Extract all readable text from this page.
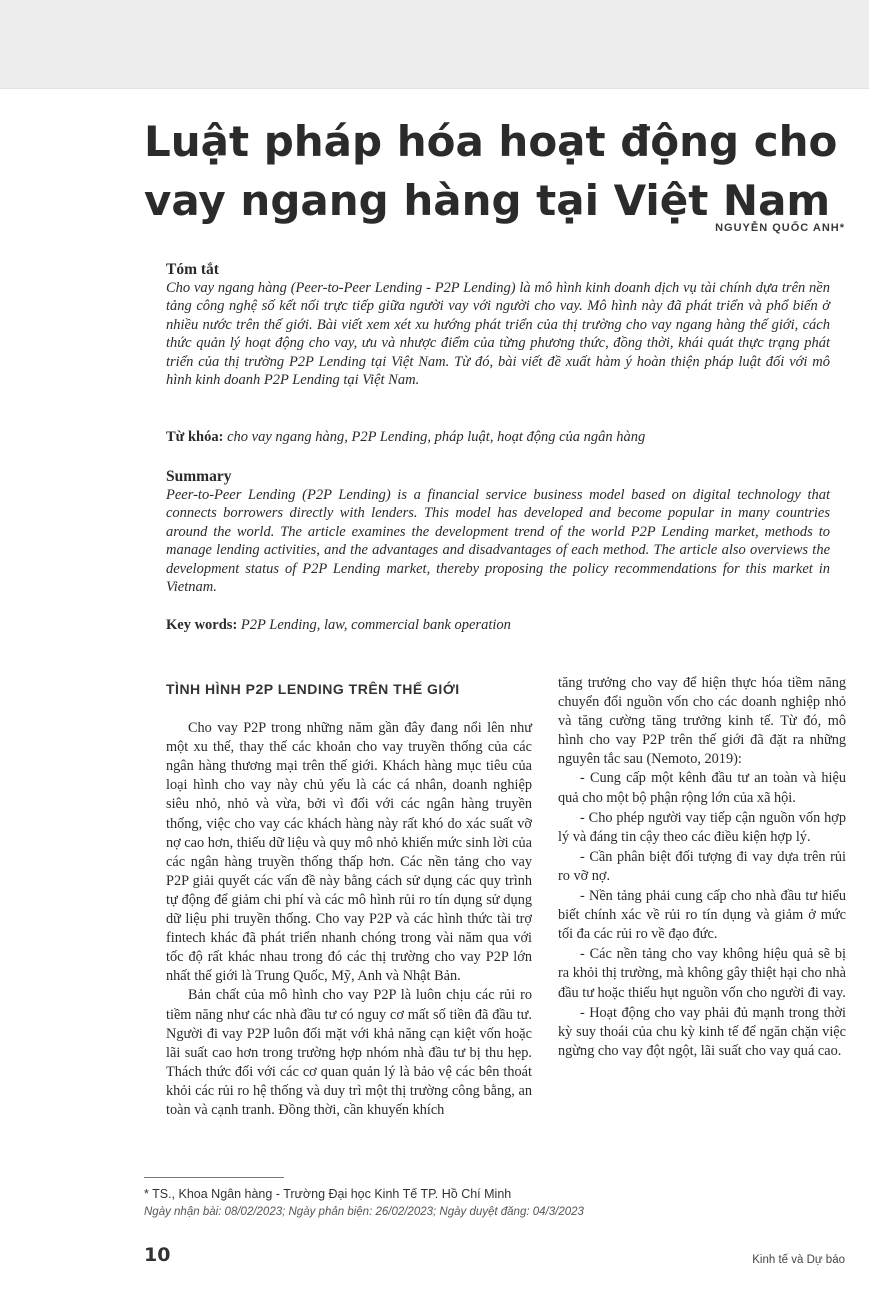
Luật pháp hóa hoạt động cho vay ngang hàng tại Việt Nam
NGUYỄN QUỐC ANH*
Tóm tắt

Cho vay ngang hàng (Peer-to-Peer Lending - P2P Lending) là mô hình kinh doanh dịch vụ tài chính dựa trên nền tảng công nghệ số kết nối trực tiếp giữa người vay với người cho vay. Mô hình này đã phát triển và phổ biến ở nhiều nước trên thế giới. Bài viết xem xét xu hướng phát triển của thị trường cho vay ngang hàng thế giới, cách thức quản lý hoạt động cho vay, ưu và nhược điểm của từng phương thức, đồng thời, khái quát thực trạng phát triển của thị trường P2P Lending tại Việt Nam. Từ đó, bài viết đề xuất hàm ý hoàn thiện pháp luật đối với mô hình kinh doanh P2P Lending tại Việt Nam.

Từ khóa: cho vay ngang hàng, P2P Lending, pháp luật, hoạt động của ngân hàng
Summary

Peer-to-Peer Lending (P2P Lending) is a financial service business model based on digital technology that connects borrowers directly with lenders. This model has developed and become popular in many countries around the world. The article examines the development trend of the world P2P Lending market, methods to manage lending activities, and the advantages and disadvantages of each method. The article also overviews the development status of P2P Lending market, thereby proposing the policy recommendations for this market in Vietnam.

Key words: P2P Lending, law, commercial bank operation

TÌNH HÌNH P2P LENDING TRÊN THẾ GIỚI

Cho vay P2P trong những năm gần đây đang nổi lên như một xu thế, thay thế các khoản cho vay truyền thống của các ngân hàng thương mại trên thế giới. Khách hàng mục tiêu của loại hình cho vay này chủ yếu là các cá nhân, doanh nghiệp siêu nhỏ, nhỏ và vừa, bởi vì đối với các ngân hàng truyền thống, việc cho vay các khách hàng này rất khó do xác suất vỡ nợ cao hơn, thiếu dữ liệu và quy mô nhỏ khiến mức sinh lời của các ngân hàng truyền thống thấp hơn. Các nền tảng cho vay P2P giải quyết các vấn đề này bằng cách sử dụng các quy trình tự động để giảm chi phí và các mô hình rủi ro tín dụng sử dụng dữ liệu phi truyền thống. Cho vay P2P và các hình thức tài trợ fintech khác đã phát triển nhanh chóng trong vài năm qua với tốc độ rất khác nhau trong đó các thị trường cho vay P2P lớn nhất thế giới là Trung Quốc, Mỹ, Anh và Nhật Bản.

Bản chất của mô hình cho vay P2P là luôn chịu các rủi ro tiềm năng như các nhà đầu tư có nguy cơ mất số tiền đã đầu tư. Người đi vay P2P luôn đối mặt với khả năng cạn kiệt vốn hoặc lãi suất cao hơn trong trường hợp nhóm nhà đầu tư bị thu hẹp. Thách thức đối với các cơ quan quản lý là bảo vệ các bên thoát khỏi các rủi ro hệ thống và duy trì một thị trường công bằng, an toàn và cạnh tranh. Đồng thời, cần khuyến khích

tăng trưởng cho vay để hiện thực hóa tiềm năng chuyển đổi nguồn vốn cho các doanh nghiệp nhỏ và tăng cường tăng trưởng kinh tế. Từ đó, mô hình cho vay P2P trên thế giới đã đặt ra những nguyên tắc sau (Nemoto, 2019):

- Cung cấp một kênh đầu tư an toàn và hiệu quả cho một bộ phận rộng lớn của xã hội.

- Cho phép người vay tiếp cận nguồn vốn hợp lý và đáng tin cậy theo các điều kiện hợp lý.

- Cần phân biệt đối tượng đi vay dựa trên rủi ro vỡ nợ.

- Nền tảng phải cung cấp cho nhà đầu tư hiểu biết chính xác về rủi ro tín dụng và giảm ở mức tối đa các rủi ro về đạo đức.

- Các nền tảng cho vay không hiệu quả sẽ bị ra khỏi thị trường, mà không gây thiệt hại cho nhà đầu tư hoặc thiếu hụt nguồn vốn cho người đi vay.

- Hoạt động cho vay phải đủ mạnh trong thời kỳ suy thoái của chu kỳ kinh tế để ngăn chặn việc ngừng cho vay đột ngột, lãi suất cho vay quá cao.

* TS., Khoa Ngân hàng - Trường Đại học Kinh Tế TP. Hồ Chí Minh
Ngày nhận bài: 08/02/2023; Ngày phản biện: 26/02/2023; Ngày duyệt đăng: 04/3/2023
10	Kinh tế và Dự báo
